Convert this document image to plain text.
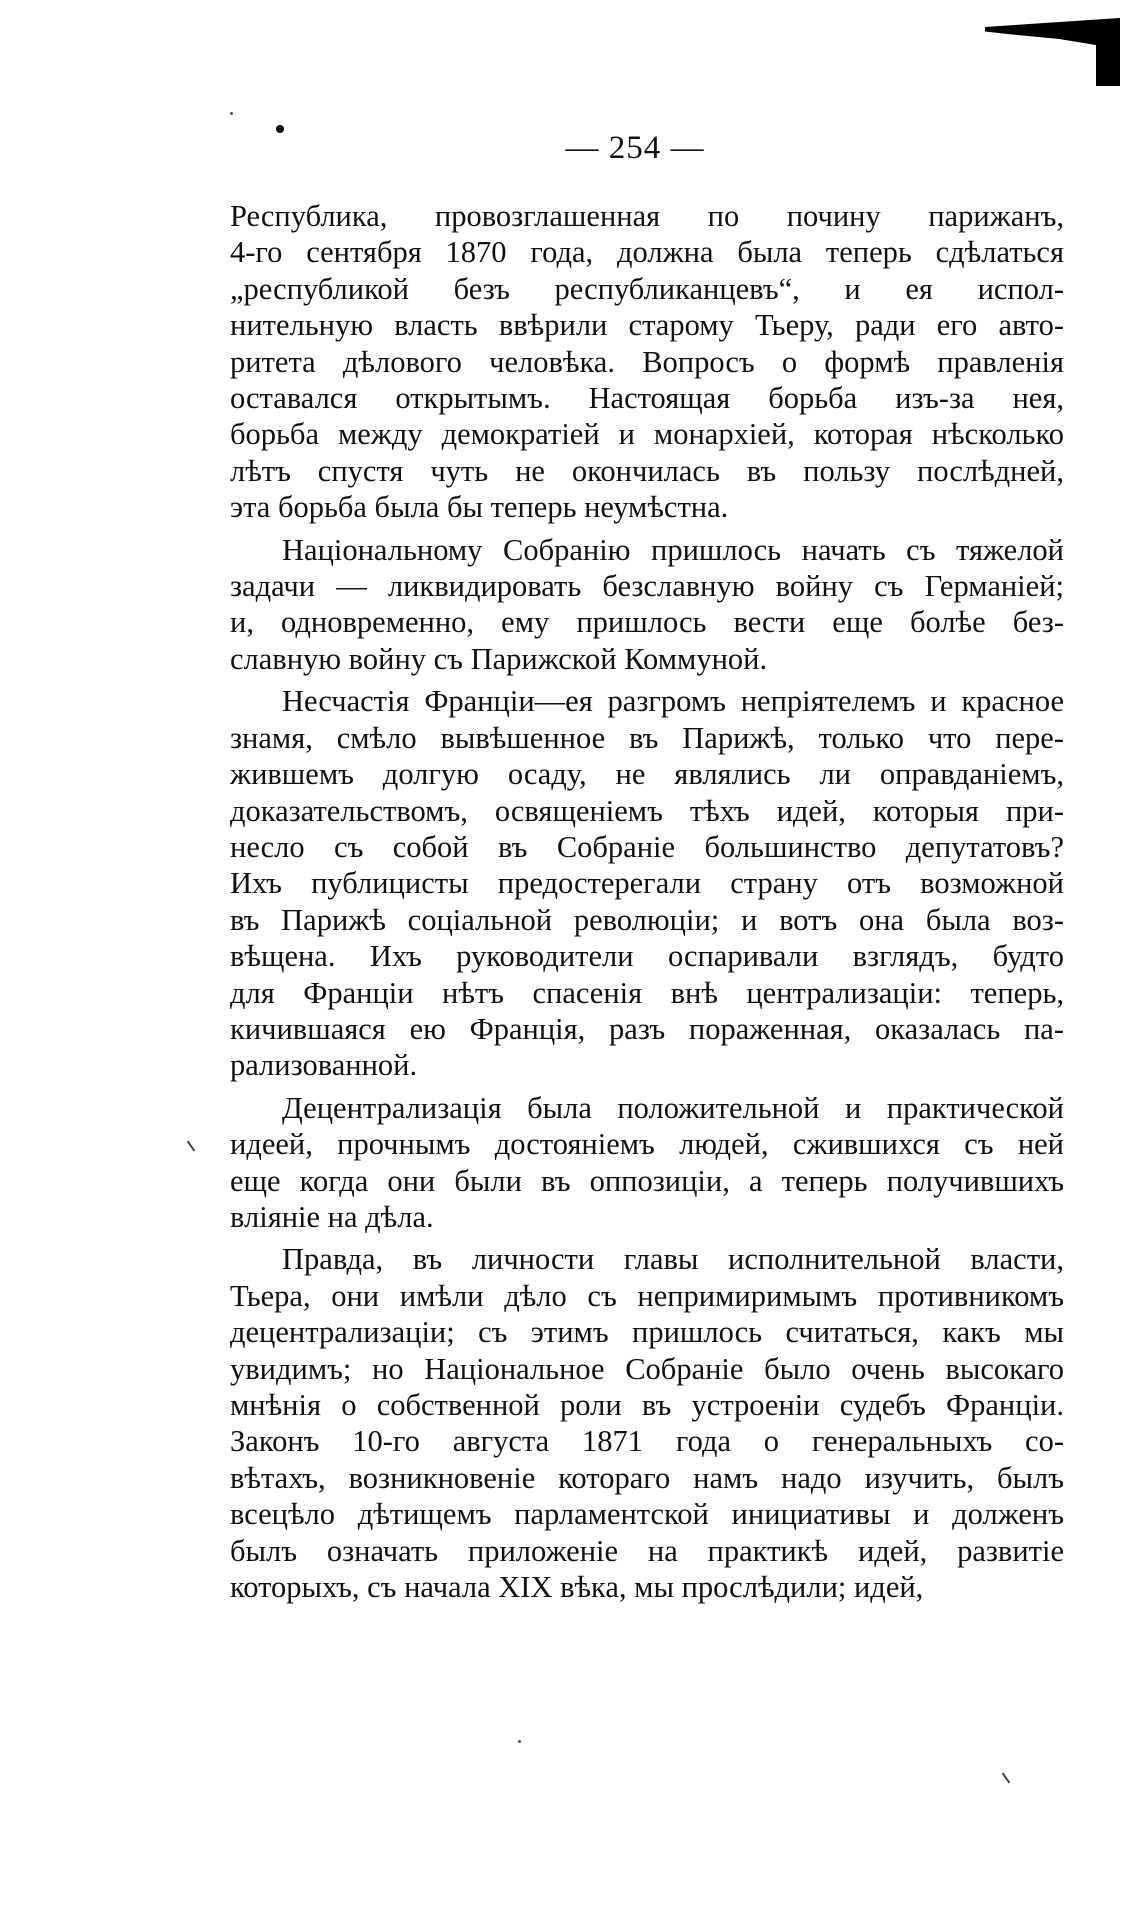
— 254 —
Республика, провозглашенная по почину парижанъ,
4-го сентября 1870 года, должна была теперь сдѣлаться
„республикой безъ республиканцевъ“, и ея испол-
нительную власть ввѣрили старому Тьеру, ради его авто-
ритета дѣлового человѣка. Вопросъ о формѣ правленія
оставался открытымъ. Настоящая борьба изъ-за нея,
борьба между демократіей и монархіей, которая нѣсколько
лѣтъ спустя чуть не окончилась въ пользу послѣдней,
эта борьба была бы теперь неумѣстна.
Національному Собранію пришлось начать съ тяжелой
задачи — ликвидировать безславную войну съ Германіей;
и, одновременно, ему пришлось вести еще болѣе без-
славную войну съ Парижской Коммуной.
Несчастія Франціи—ея разгромъ непріятелемъ и красное
знамя, смѣло вывѣшенное въ Парижѣ, только что пере-
жившемъ долгую осаду, не являлись ли оправданіемъ,
доказательствомъ, освященіемъ тѣхъ идей, которыя при-
несло съ собой въ Собраніе большинство депутатовъ?
Ихъ публицисты предостерегали страну отъ возможной
въ Парижѣ соціальной революціи; и вотъ она была воз-
вѣщена. Ихъ руководители оспаривали взглядъ, будто
для Франціи нѣтъ спасенія внѣ централизаціи: теперь,
кичившаяся ею Франція, разъ пораженная, оказалась па-
рализованной.
Децентрализація была положительной и практической
идеей, прочнымъ достояніемъ людей, сжившихся съ ней
еще когда они были въ оппозиціи, а теперь получившихъ
вліяніе на дѣла.
Правда, въ личности главы исполнительной власти,
Тьера, они имѣли дѣло съ непримиримымъ противникомъ
децентрализаціи; съ этимъ пришлось считаться, какъ мы
увидимъ; но Національное Собраніе было очень высокаго
мнѣнія о собственной роли въ устроеніи судебъ Франціи.
Законъ 10-го августа 1871 года о генеральныхъ со-
вѣтахъ, возникновеніе котораго намъ надо изучить, былъ
всецѣло дѣтищемъ парламентской инициативы и долженъ
былъ означать приложеніе на практикѣ идей, развитіе
которыхъ, съ начала XIX вѣка, мы прослѣдили; идей,
